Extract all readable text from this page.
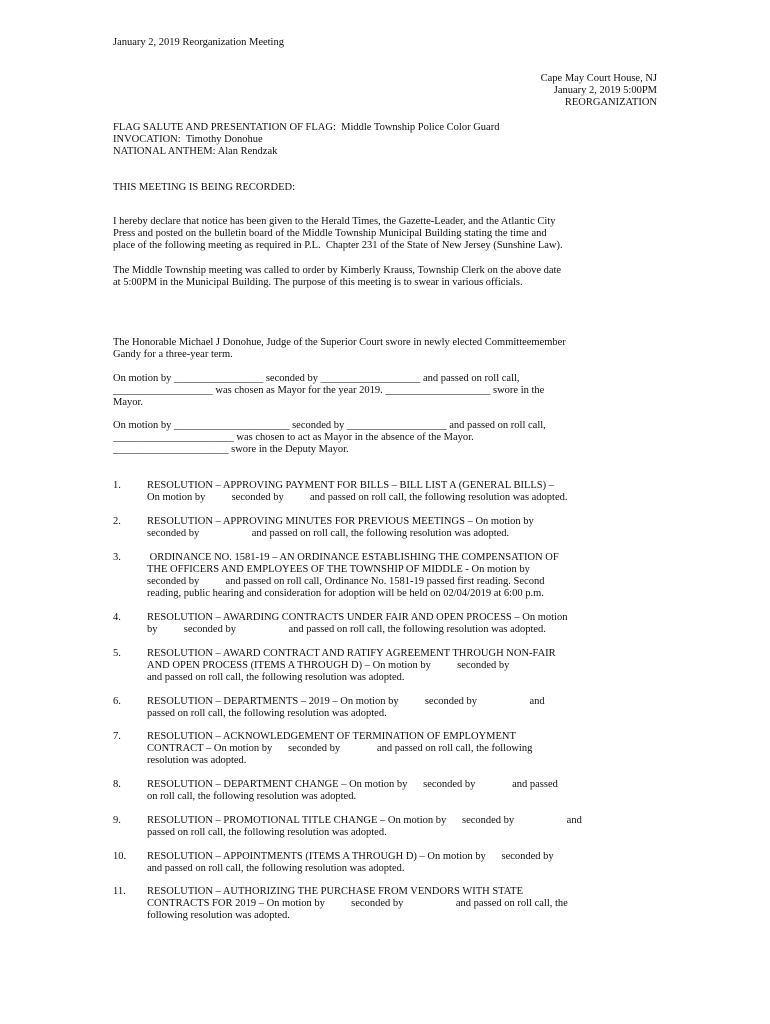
January 2, 2019 Reorganization Meeting

Cape May Court House, NJ

January 2, 2019 5:00PM

REORGANIZATION

FLAG SALUTE AND PRESENTATION OF FLAG:  Middle Township Police Color Guard

INVOCATION:  Timothy Donohue

NATIONAL ANTHEM: Alan Rendzak

THIS MEETING IS BEING RECORDED:

I hereby declare that notice has been given to the Herald Times, the Gazette-Leader, and the Atlantic City

Press and posted on the bulletin board of the Middle Township Municipal Building stating the time and

place of the following meeting as required in P.L.  Chapter 231 of the State of New Jersey (Sunshine Law).

The Middle Township meeting was called to order by Kimberly Krauss, Township Clerk on the above date

at 5:00PM in the Municipal Building. The purpose of this meeting is to swear in various officials.

The Honorable Michael J Donohue, Judge of the Superior Court swore in newly elected Committeemember

Gandy for a three-year term.

On motion by _________________ seconded by ___________________ and passed on roll call,

___________________ was chosen as Mayor for the year 2019. ____________________ swore in the

Mayor.

On motion by ______________________ seconded by ___________________ and passed on roll call,

_______________________ was chosen to act as Mayor in the absence of the Mayor.

______________________ swore in the Deputy Mayor.

1. RESOLUTION – APPROVING PAYMENT FOR BILLS – BILL LIST A (GENERAL BILLS) –

On motion by          seconded by          and passed on roll call, the following resolution was adopted.

2. RESOLUTION – APPROVING MINUTES FOR PREVIOUS MEETINGS – On motion by

seconded by                    and passed on roll call, the following resolution was adopted.

3. ORDINANCE NO. 1581-19 – AN ORDINANCE ESTABLISHING THE COMPENSATION OF

THE OFFICERS AND EMPLOYEES OF THE TOWNSHIP OF MIDDLE - On motion by

seconded by          and passed on roll call, Ordinance No. 1581-19 passed first reading. Second

reading, public hearing and consideration for adoption will be held on 02/04/2019 at 6:00 p.m.

4. RESOLUTION – AWARDING CONTRACTS UNDER FAIR AND OPEN PROCESS – On motion

by          seconded by                    and passed on roll call, the following resolution was adopted.

5. RESOLUTION – AWARD CONTRACT AND RATIFY AGREEMENT THROUGH NON-FAIR

AND OPEN PROCESS (ITEMS A THROUGH D) – On motion by          seconded by

and passed on roll call, the following resolution was adopted.

6. RESOLUTION – DEPARTMENTS – 2019 – On motion by          seconded by                    and

passed on roll call, the following resolution was adopted.

7. RESOLUTION – ACKNOWLEDGEMENT OF TERMINATION OF EMPLOYMENT

CONTRACT – On motion by      seconded by              and passed on roll call, the following

resolution was adopted.

8. RESOLUTION – DEPARTMENT CHANGE – On motion by      seconded by              and passed

on roll call, the following resolution was adopted.

9. RESOLUTION – PROMOTIONAL TITLE CHANGE – On motion by      seconded by                    and

passed on roll call, the following resolution was adopted.

10. RESOLUTION – APPOINTMENTS (ITEMS A THROUGH D) – On motion by      seconded by

and passed on roll call, the following resolution was adopted.

11. RESOLUTION – AUTHORIZING THE PURCHASE FROM VENDORS WITH STATE

CONTRACTS FOR 2019 – On motion by          seconded by                    and passed on roll call, the

following resolution was adopted.
